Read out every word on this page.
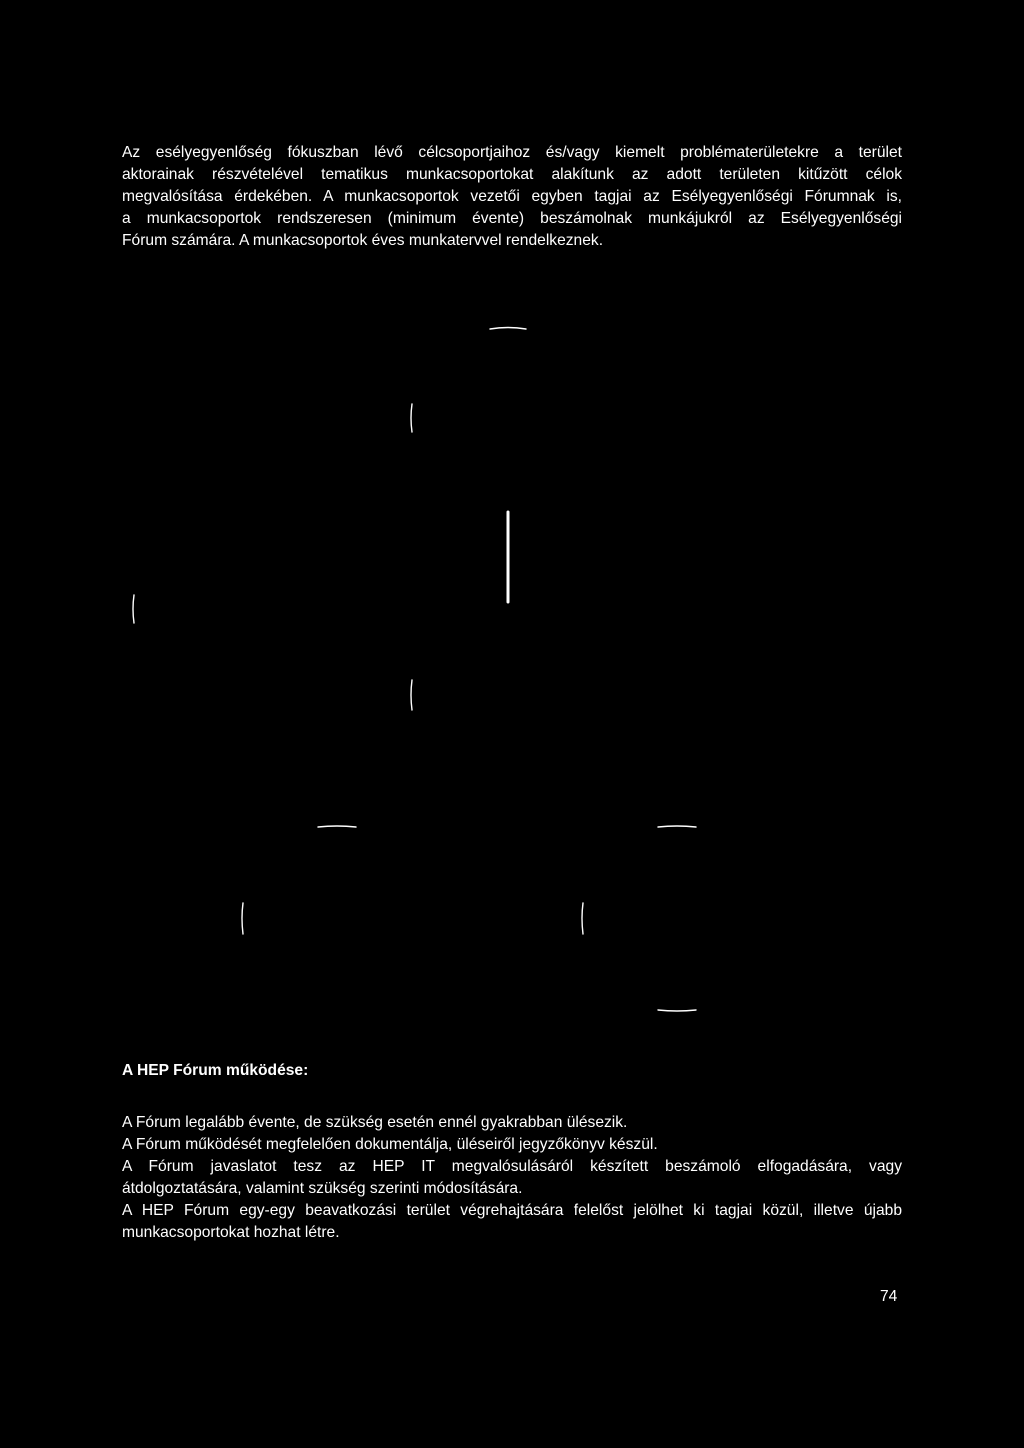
Az esélyegyenlőség fókuszban lévő célcsoportjaihoz és/vagy kiemelt problématerületekre a terület
aktorainak részvételével tematikus munkacsoportokat alakítunk az adott területen kitűzött célok
megvalósítása érdekében. A munkacsoportok vezetői egyben tagjai az Esélyegyenlőségi Fórumnak is,
a munkacsoportok rendszeresen (minimum évente) beszámolnak munkájukról az Esélyegyenlőségi
Fórum számára. A munkacsoportok éves munkatervvel rendelkeznek.

A HEP Fórum működése:

A Fórum legalább évente, de szükség esetén ennél gyakrabban ülésezik.
A Fórum működését megfelelően dokumentálja, üléseiről jegyzőkönyv készül.
A Fórum javaslatot tesz az HEP IT megvalósulásáról készített beszámoló elfogadására, vagy
átdolgoztatására, valamint szükség szerinti módosítására.
A HEP Fórum egy-egy beavatkozási terület végrehajtására felelőst jelölhet ki tagjai közül, illetve újabb
munkacsoportokat hozhat létre.

74
